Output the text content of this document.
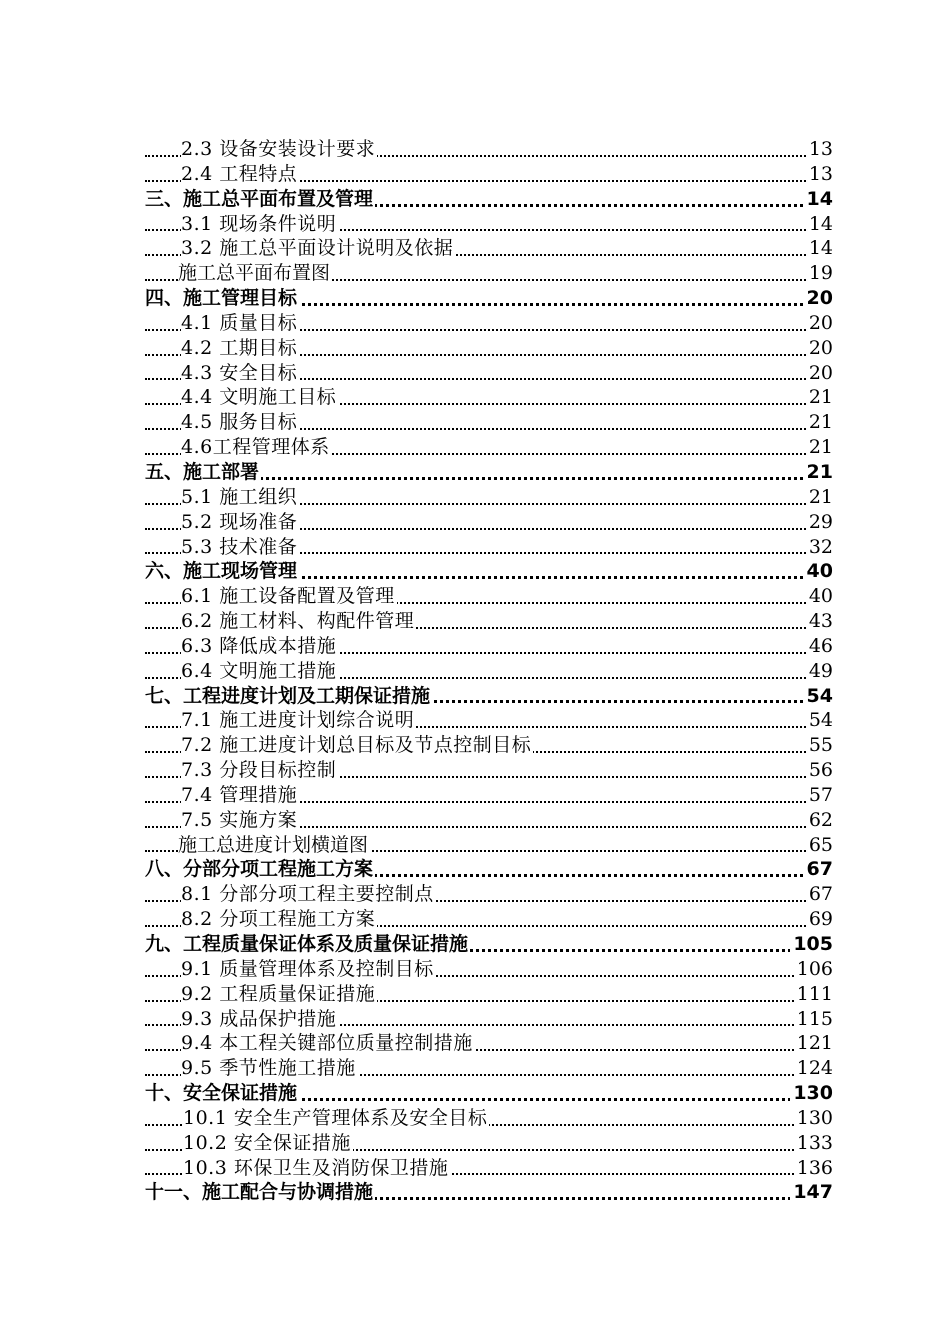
2.3 设备安装设计要求	13
2.4 工程特点	13
三、施工总平面布置及管理	14
3.1 现场条件说明	14
3.2 施工总平面设计说明及依据	14
施工总平面布置图	19
四、施工管理目标	20
4.1 质量目标	20
4.2 工期目标	20
4.3 安全目标	20
4.4 文明施工目标	21
4.5 服务目标	21
4.6工程管理体系	21
五、施工部署	21
5.1 施工组织	21
5.2 现场准备	29
5.3 技术准备	32
六、施工现场管理	40
6.1 施工设备配置及管理	40
6.2 施工材料、构配件管理	43
6.3 降低成本措施	46
6.4 文明施工措施	49
七、工程进度计划及工期保证措施	54
7.1 施工进度计划综合说明	54
7.2 施工进度计划总目标及节点控制目标	55
7.3 分段目标控制	56
7.4 管理措施	57
7.5 实施方案	62
施工总进度计划横道图	65
八、分部分项工程施工方案	67
8.1 分部分项工程主要控制点	67
8.2 分项工程施工方案	69
九、工程质量保证体系及质量保证措施	105
9.1 质量管理体系及控制目标	106
9.2 工程质量保证措施	111
9.3 成品保护措施	115
9.4 本工程关键部位质量控制措施	121
9.5 季节性施工措施	124
十、安全保证措施	130
10.1 安全生产管理体系及安全目标	130
10.2 安全保证措施	133
10.3 环保卫生及消防保卫措施	136
十一、施工配合与协调措施	147
